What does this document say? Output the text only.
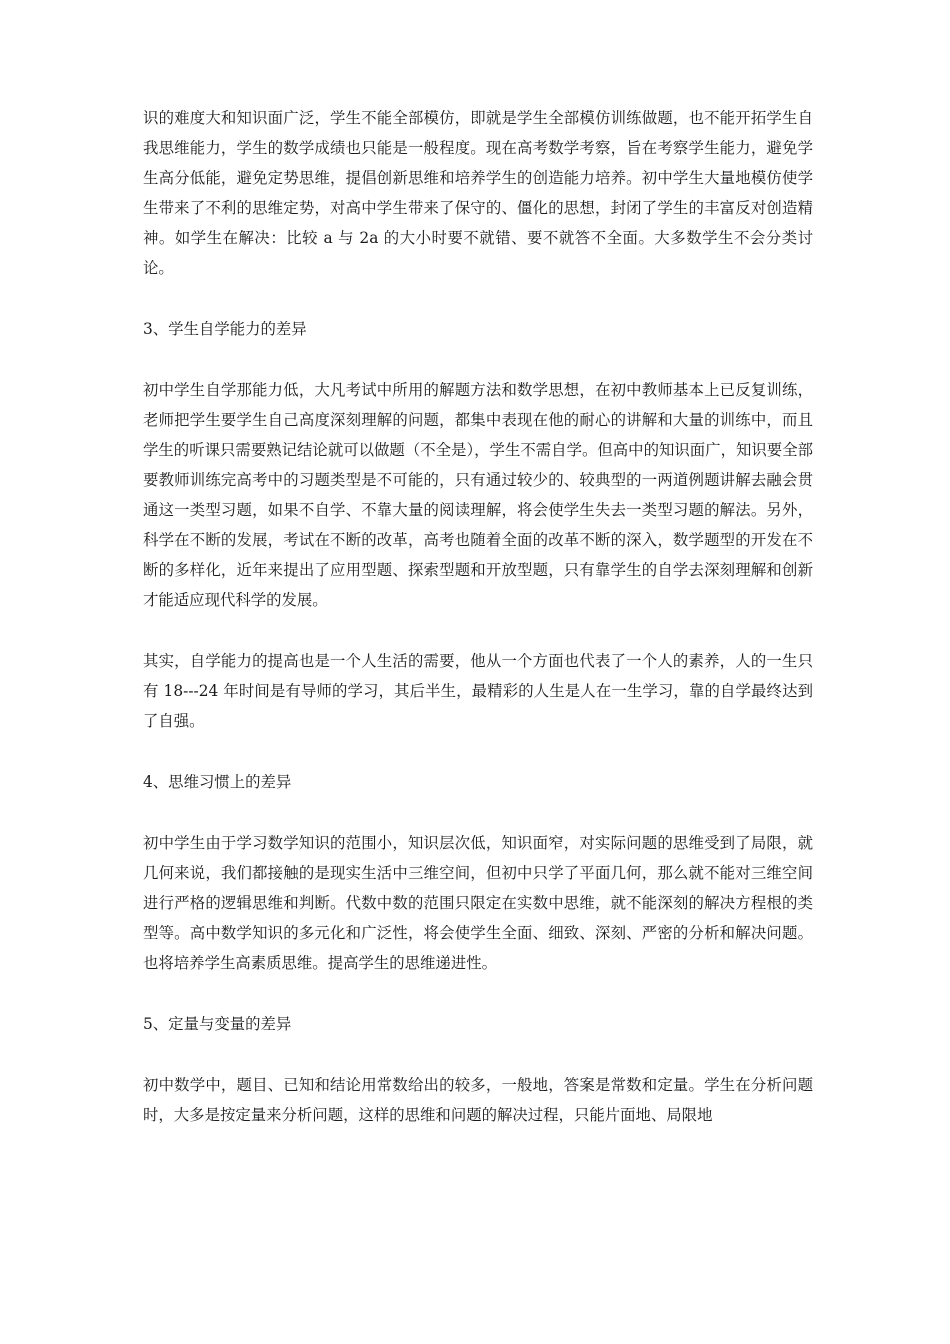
识的难度大和知识面广泛，学生不能全部模仿，即就是学生全部模仿训练做题，也不能开拓学生自我思维能力，学生的数学成绩也只能是一般程度。现在高考数学考察，旨在考察学生能力，避免学生高分低能，避免定势思维，提倡创新思维和培养学生的创造能力培养。初中学生大量地模仿使学生带来了不利的思维定势，对高中学生带来了保守的、僵化的思想，封闭了学生的丰富反对创造精神。如学生在解决：比较 a 与 2a 的大小时要不就错、要不就答不全面。大多数学生不会分类讨论。

3、学生自学能力的差异

初中学生自学那能力低，大凡考试中所用的解题方法和数学思想，在初中教师基本上已反复训练，老师把学生要学生自己高度深刻理解的问题，都集中表现在他的耐心的讲解和大量的训练中，而且学生的听课只需要熟记结论就可以做题（不全是），学生不需自学。但高中的知识面广，知识要全部要教师训练完高考中的习题类型是不可能的，只有通过较少的、较典型的一两道例题讲解去融会贯通这一类型习题，如果不自学、不靠大量的阅读理解，将会使学生失去一类型习题的解法。另外，科学在不断的发展，考试在不断的改革，高考也随着全面的改革不断的深入，数学题型的开发在不断的多样化，近年来提出了应用型题、探索型题和开放型题，只有靠学生的自学去深刻理解和创新才能适应现代科学的发展。

其实，自学能力的提高也是一个人生活的需要，他从一个方面也代表了一个人的素养，人的一生只有 18---24 年时间是有导师的学习，其后半生，最精彩的人生是人在一生学习，靠的自学最终达到了自强。

4、思维习惯上的差异

初中学生由于学习数学知识的范围小，知识层次低，知识面窄，对实际问题的思维受到了局限，就几何来说，我们都接触的是现实生活中三维空间，但初中只学了平面几何，那么就不能对三维空间进行严格的逻辑思维和判断。代数中数的范围只限定在实数中思维，就不能深刻的解决方程根的类型等。高中数学知识的多元化和广泛性，将会使学生全面、细致、深刻、严密的分析和解决问题。也将培养学生高素质思维。提高学生的思维递进性。

5、定量与变量的差异

初中数学中，题目、已知和结论用常数给出的较多，一般地，答案是常数和定量。学生在分析问题时，大多是按定量来分析问题，这样的思维和问题的解决过程，只能片面地、局限地
